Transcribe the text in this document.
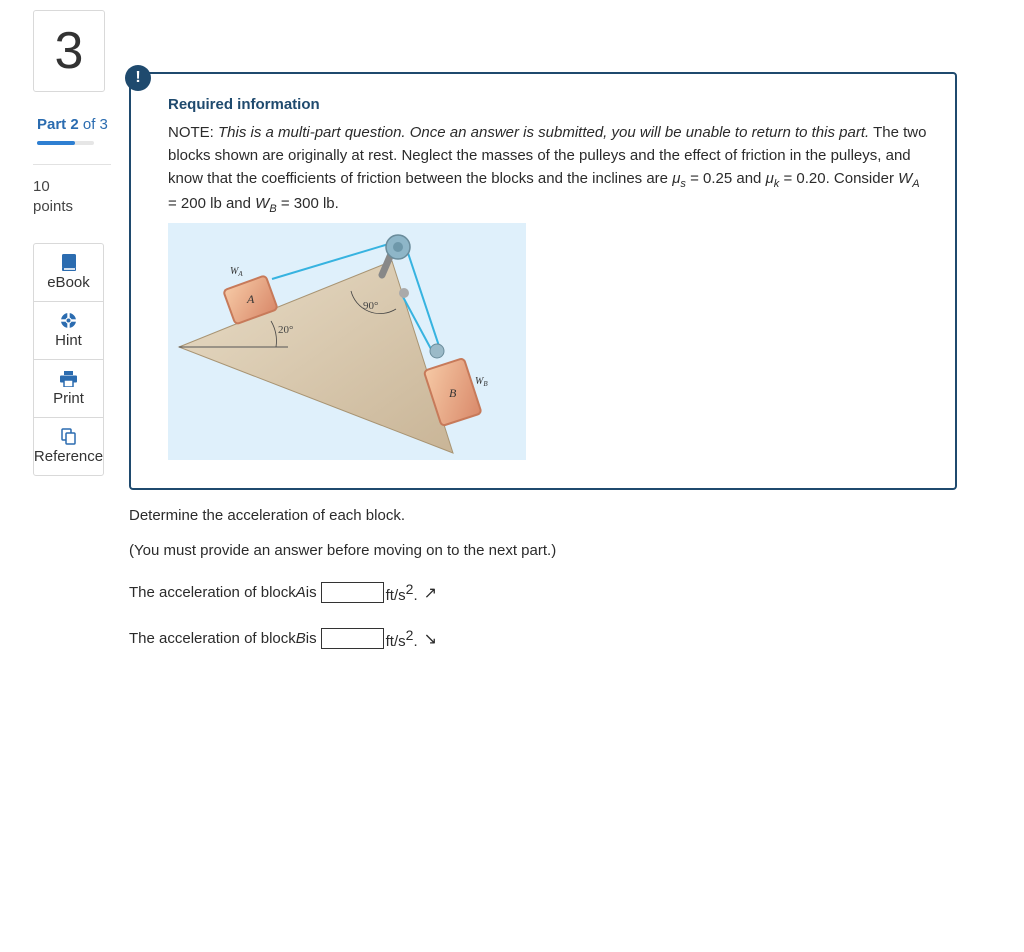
3
Part 2 of 3
10
points
eBook
Hint
Print
Reference
!
Required information
NOTE: This is a multi-part question. Once an answer is submitted, you will be unable to return to this part. The two blocks shown are originally at rest. Neglect the masses of the pulleys and the effect of friction in the pulleys, and know that the coefficients of friction between the blocks and the inclines are $\mu_s = 0.25$ and $\mu_k = 0.20$. Consider $W_A = 200$ lb and $W_B = 300$ lb.
20°
90°
A
$W_A$
B
$W_B$
Determine the acceleration of each block.
(You must provide an answer before moving on to the next part.)
The acceleration of block A is	$ft/s^2$. ↗
The acceleration of block B is	$ft/s^2$. ↘
